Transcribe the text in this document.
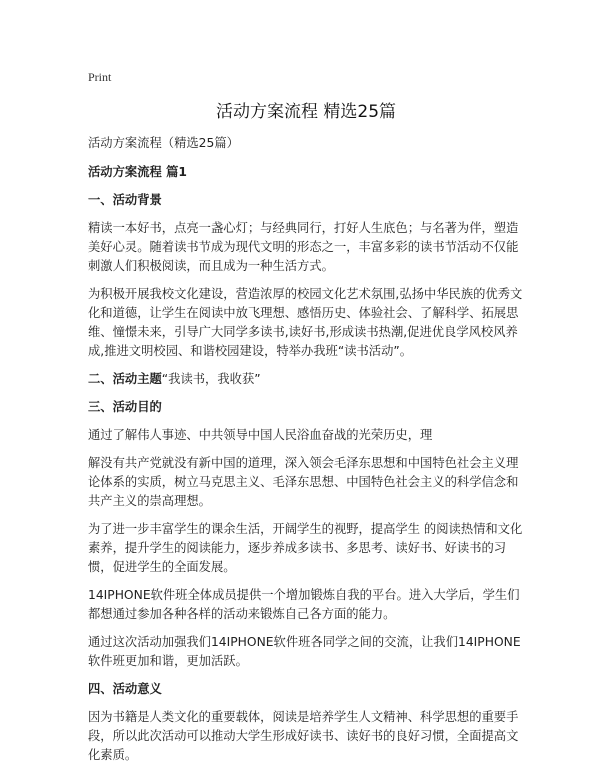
Print
活动方案流程 精选25篇

活动方案流程（精选25篇）

活动方案流程 篇1

一、活动背景

精读一本好书，点亮一盏心灯；与经典同行，打好人生底色；与名著为伴，塑造美好心灵。随着读书节成为现代文明的形态之一，丰富多彩的读书节活动不仅能刺激人们积极阅读，而且成为一种生活方式。

为积极开展我校文化建设，营造浓厚的校园文化艺术氛围,弘扬中华民族的优秀文化和道德，让学生在阅读中放飞理想、感悟历史、体验社会、了解科学、拓展思维、憧憬未来，引导广大同学多读书,读好书,形成读书热潮,促进优良学风校风养成,推进文明校园、和谐校园建设，特举办我班“读书活动”。

二、活动主题“我读书，我收获”

三、活动目的

通过了解伟人事迹、中共领导中国人民浴血奋战的光荣历史，理

解没有共产党就没有新中国的道理，深入领会毛泽东思想和中国特色社会主义理论体系的实质，树立马克思主义、毛泽东思想、中国特色社会主义的科学信念和共产主义的崇高理想。

为了进一步丰富学生的课余生活，开阔学生的视野，提高学生 的阅读热情和文化素养，提升学生的阅读能力，逐步养成多读书、多思考、读好书、好读书的习惯，促进学生的全面发展。

14IPHONE软件班全体成员提供一个增加锻炼自我的平台。进入大学后，学生们都想通过参加各种各样的活动来锻炼自己各方面的能力。

通过这次活动加强我们14IPHONE软件班各同学之间的交流，让我们14IPHONE软件班更加和谐，更加活跃。

四、活动意义

因为书籍是人类文化的重要载体，阅读是培养学生人文精神、科学思想的重要手段，所以此次活动可以推动大学生形成好读书、读好书的良好习惯，全面提高文化素质。
